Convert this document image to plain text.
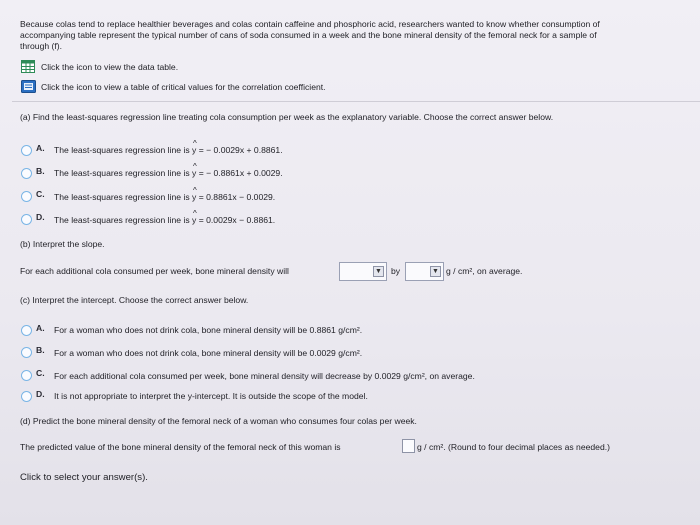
Because colas tend to replace healthier beverages and colas contain caffeine and phosphoric acid, researchers wanted to know whether consumption of
accompanying table represent the typical number of cans of soda consumed in a week and the bone mineral density of the femoral neck for a sample of
through (f).
Click the icon to view the data table.
Click the icon to view a table of critical values for the correlation coefficient.
(a) Find the least-squares regression line treating cola consumption per week as the explanatory variable. Choose the correct answer below.
A. The least-squares regression line is ^ y = − 0.0029x + 0.8861.
B. The least-squares regression line is ^ y = − 0.8861x + 0.0029.
C. The least-squares regression line is ^ y = 0.8861x − 0.0029.
D. The least-squares regression line is ^ y = 0.0029x − 0.8861.
(b) Interpret the slope.
For each additional cola consumed per week, bone mineral density will	▼ by	▼ g / cm², on average.
(c) Interpret the intercept. Choose the correct answer below.
A. For a woman who does not drink cola, bone mineral density will be 0.8861 g/cm².
B. For a woman who does not drink cola, bone mineral density will be 0.0029 g/cm².
C. For each additional cola consumed per week, bone mineral density will decrease by 0.0029 g/cm², on average.
D. It is not appropriate to interpret the y-intercept. It is outside the scope of the model.
(d) Predict the bone mineral density of the femoral neck of a woman who consumes four colas per week.
The predicted value of the bone mineral density of the femoral neck of this woman is	g / cm². (Round to four decimal places as needed.)
Click to select your answer(s).
